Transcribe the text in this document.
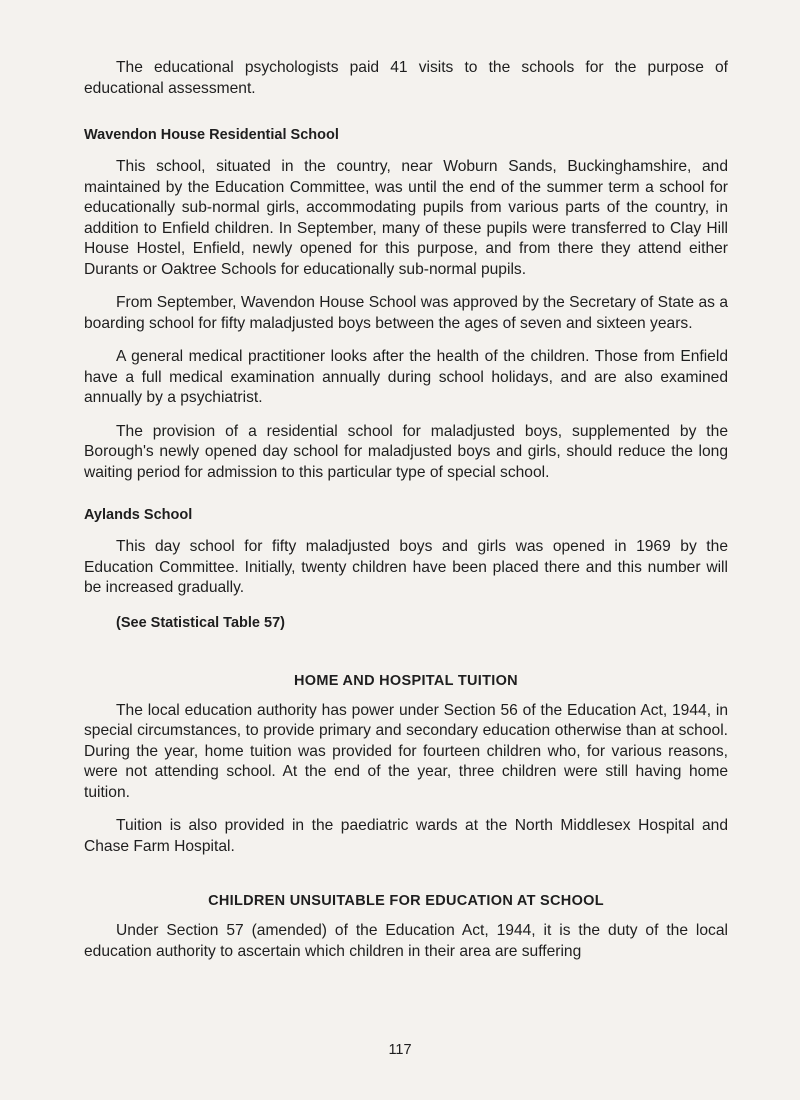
The educational psychologists paid 41 visits to the schools for the purpose of educational assessment.

Wavendon House Residential School

This school, situated in the country, near Woburn Sands, Buckinghamshire, and maintained by the Education Committee, was until the end of the summer term a school for educationally sub-normal girls, accommodating pupils from various parts of the country, in addition to Enfield children. In September, many of these pupils were transferred to Clay Hill House Hostel, Enfield, newly opened for this purpose, and from there they attend either Durants or Oaktree Schools for educationally sub-normal pupils.

From September, Wavendon House School was approved by the Secretary of State as a boarding school for fifty maladjusted boys between the ages of seven and sixteen years.

A general medical practitioner looks after the health of the children. Those from Enfield have a full medical examination annually during school holidays, and are also examined annually by a psychiatrist.

The provision of a residential school for maladjusted boys, supplemented by the Borough's newly opened day school for maladjusted boys and girls, should reduce the long waiting period for admission to this particular type of special school.

Aylands School

This day school for fifty maladjusted boys and girls was opened in 1969 by the Education Committee. Initially, twenty children have been placed there and this number will be increased gradually.

(See Statistical Table 57)
HOME AND HOSPITAL TUITION

The local education authority has power under Section 56 of the Education Act, 1944, in special circumstances, to provide primary and secondary education otherwise than at school. During the year, home tuition was provided for fourteen children who, for various reasons, were not attending school. At the end of the year, three children were still having home tuition.

Tuition is also provided in the paediatric wards at the North Middlesex Hospital and Chase Farm Hospital.

CHILDREN UNSUITABLE FOR EDUCATION AT SCHOOL

Under Section 57 (amended) of the Education Act, 1944, it is the duty of the local education authority to ascertain which children in their area are suffering

117
